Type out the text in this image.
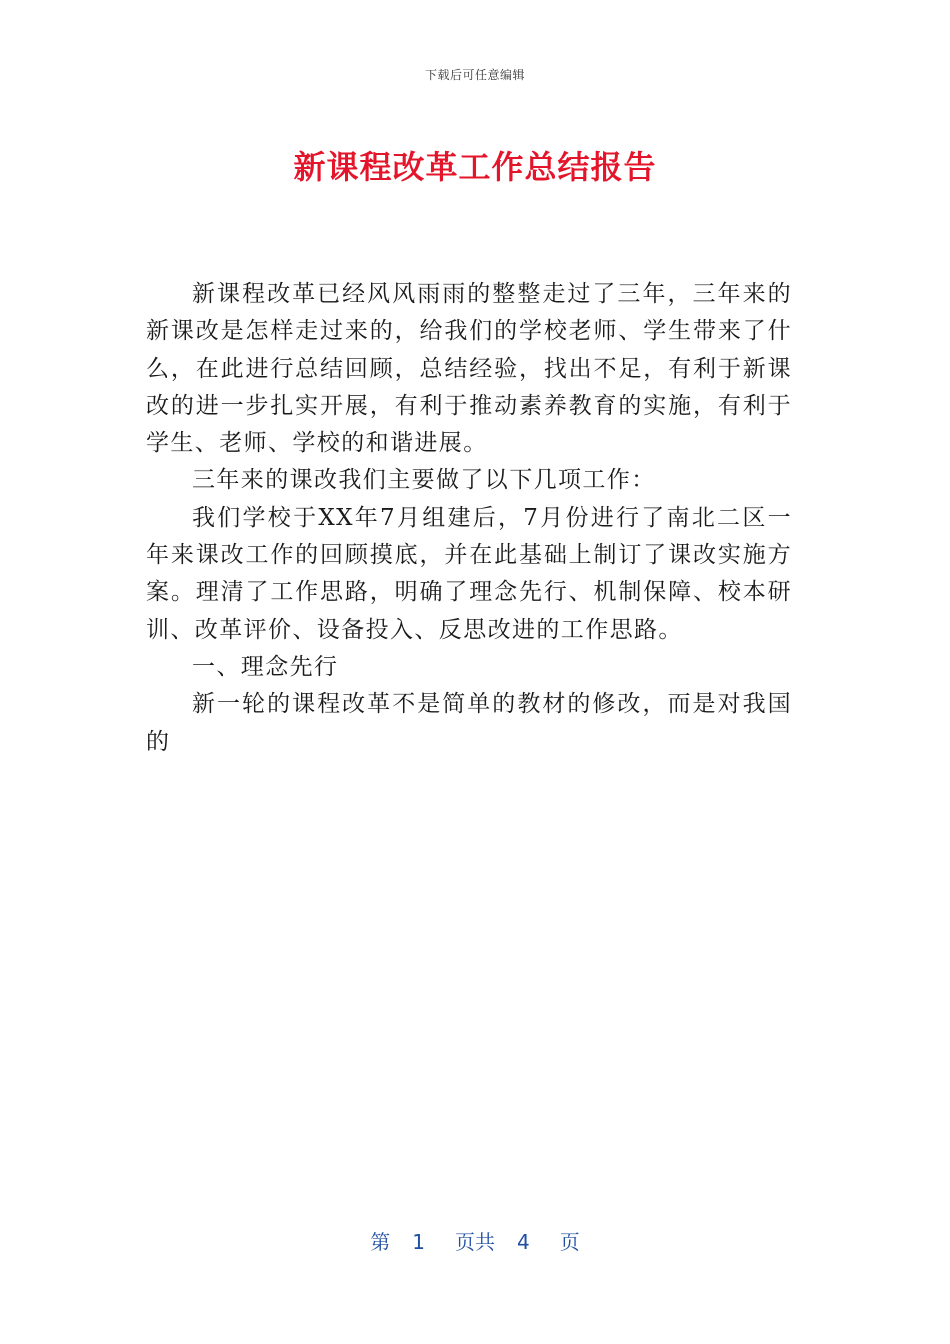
下载后可任意编辑
新课程改革工作总结报告

新课程改革已经风风雨雨的整整走过了三年，三年来的新课改是怎样走过来的，给我们的学校老师、学生带来了什么，在此进行总结回顾，总结经验，找出不足，有利于新课改的进一步扎实开展，有利于推动素养教育的实施，有利于学生、老师、学校的和谐进展。

三年来的课改我们主要做了以下几项工作：

我们学校于XX年7月组建后，7月份进行了南北二区一年来课改工作的回顾摸底，并在此基础上制订了课改实施方案。理清了工作思路，明确了理念先行、机制保障、校本研训、改革评价、设备投入、反思改进的工作思路。

一、理念先行

新一轮的课程改革不是简单的教材的修改，而是对我国的

第 1 页共 4 页
